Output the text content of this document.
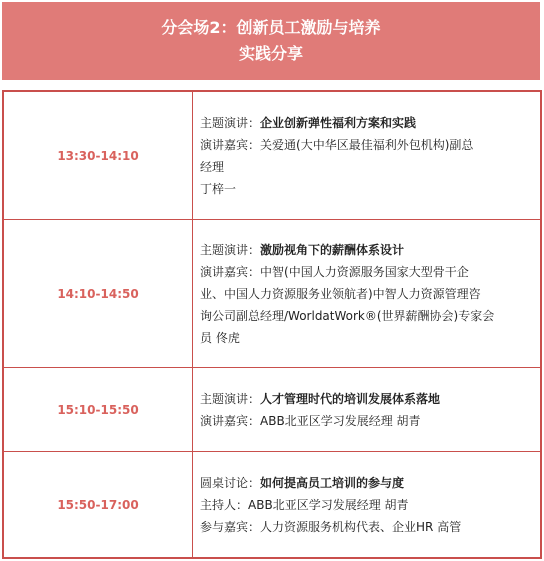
分会场2：创新员工激励与培养
实践分享
13:30-14:10	主题演讲：企业创新弹性福利方案和实践
演讲嘉宾：关爱通(大中华区最佳福利外包机构)副总
经理
丁梓一

14:10-14:50	主题演讲：激励视角下的薪酬体系设计
演讲嘉宾：中智(中国人力资源服务国家大型骨干企
业、中国人力资源服务业领航者)中智人力资源管理咨
询公司副总经理/WorldatWork®(世界薪酬协会)专家会
员 佟虎

15:10-15:50	主题演讲：人才管理时代的培训发展体系落地
演讲嘉宾：ABB北亚区学习发展经理 胡青

15:50-17:00	圆桌讨论：如何提高员工培训的参与度
主持人：ABB北亚区学习发展经理 胡青
参与嘉宾：人力资源服务机构代表、企业HR 高管
